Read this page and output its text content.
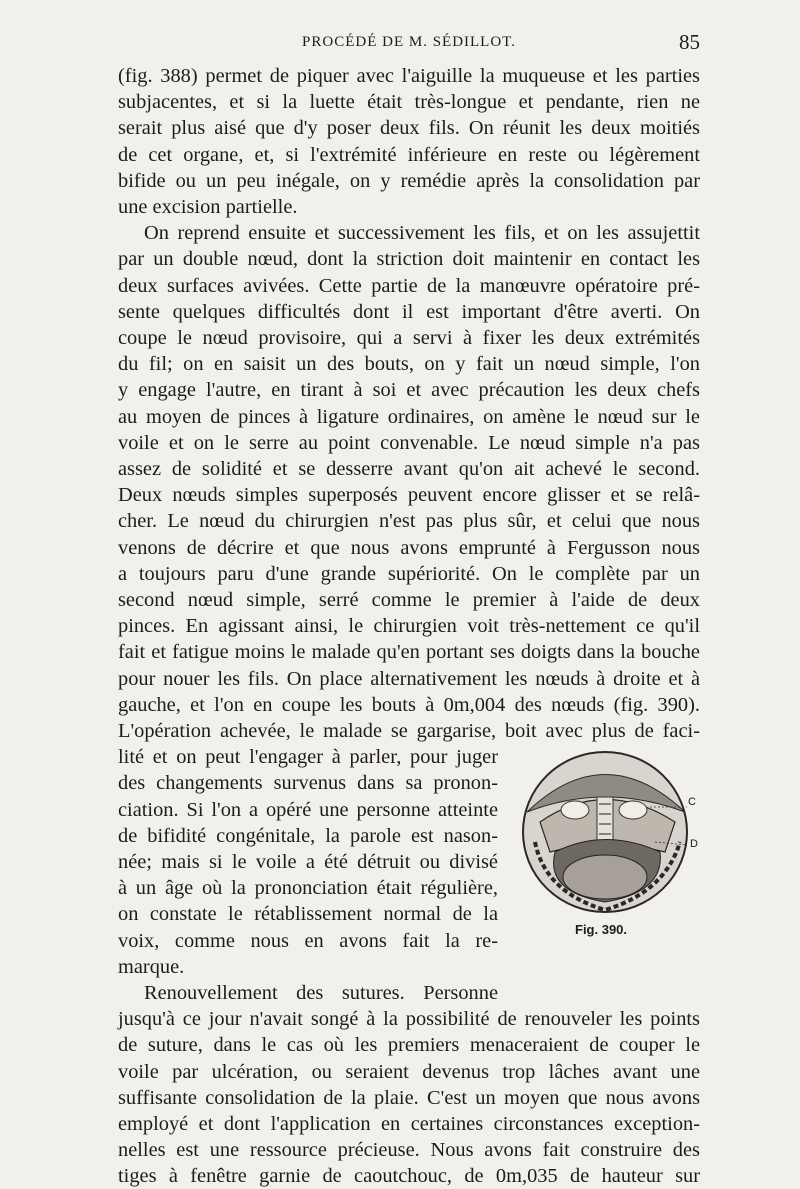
PROCÉDÉ DE M. SÉDILLOT.	85
(fig. 388) permet de piquer avec l'aiguille la muqueuse et les parties
subjacentes, et si la luette était très-longue et pendante, rien ne
serait plus aisé que d'y poser deux fils. On réunit les deux moitiés
de cet organe, et, si l'extrémité inférieure en reste ou légèrement
bifide ou un peu inégale, on y remédie après la consolidation par
une excision partielle.
On reprend ensuite et successivement les fils, et on les assujettit
par un double nœud, dont la striction doit maintenir en contact les
deux surfaces avivées. Cette partie de la manœuvre opératoire pré-
sente quelques difficultés dont il est important d'être averti. On
coupe le nœud provisoire, qui a servi à fixer les deux extrémités
du fil; on en saisit un des bouts, on y fait un nœud simple, l'on
y engage l'autre, en tirant à soi et avec précaution les deux chefs
au moyen de pinces à ligature ordinaires, on amène le nœud sur le
voile et on le serre au point convenable. Le nœud simple n'a pas
assez de solidité et se desserre avant qu'on ait achevé le second.
Deux nœuds simples superposés peuvent encore glisser et se relâ-
cher. Le nœud du chirurgien n'est pas plus sûr, et celui que nous
venons de décrire et que nous avons emprunté à Fergusson nous
a toujours paru d'une grande supériorité. On le complète par un
second nœud simple, serré comme le premier à l'aide de deux
pinces. En agissant ainsi, le chirurgien voit très-nettement ce qu'il
fait et fatigue moins le malade qu'en portant ses doigts dans la bouche
pour nouer les fils. On place alternativement les nœuds à droite et à
gauche, et l'on en coupe les bouts à 0m,004 des nœuds (fig. 390).
L'opération achevée, le malade se gargarise, boit avec plus de faci-
lité et on peut l'engager à parler, pour juger
des changements survenus dans sa pronon-
ciation. Si l'on a opéré une personne atteinte
de bifidité congénitale, la parole est nason-
née; mais si le voile a été détruit ou divisé
à un âge où la prononciation était régulière,
on constate le rétablissement normal de la
voix, comme nous en avons fait la re-
marque.
Renouvellement des sutures. Personne
jusqu'à ce jour n'avait songé à la possibilité de renouveler les points
de suture, dans le cas où les premiers menaceraient de couper le
voile par ulcération, ou seraient devenus trop lâches avant une
suffisante consolidation de la plaie. C'est un moyen que nous avons
employé et dont l'application en certaines circonstances exception-
nelles est une ressource précieuse. Nous avons fait construire des
tiges à fenêtre garnie de caoutchouc, de 0m,035 de hauteur sur
C
D
Fig. 390.
